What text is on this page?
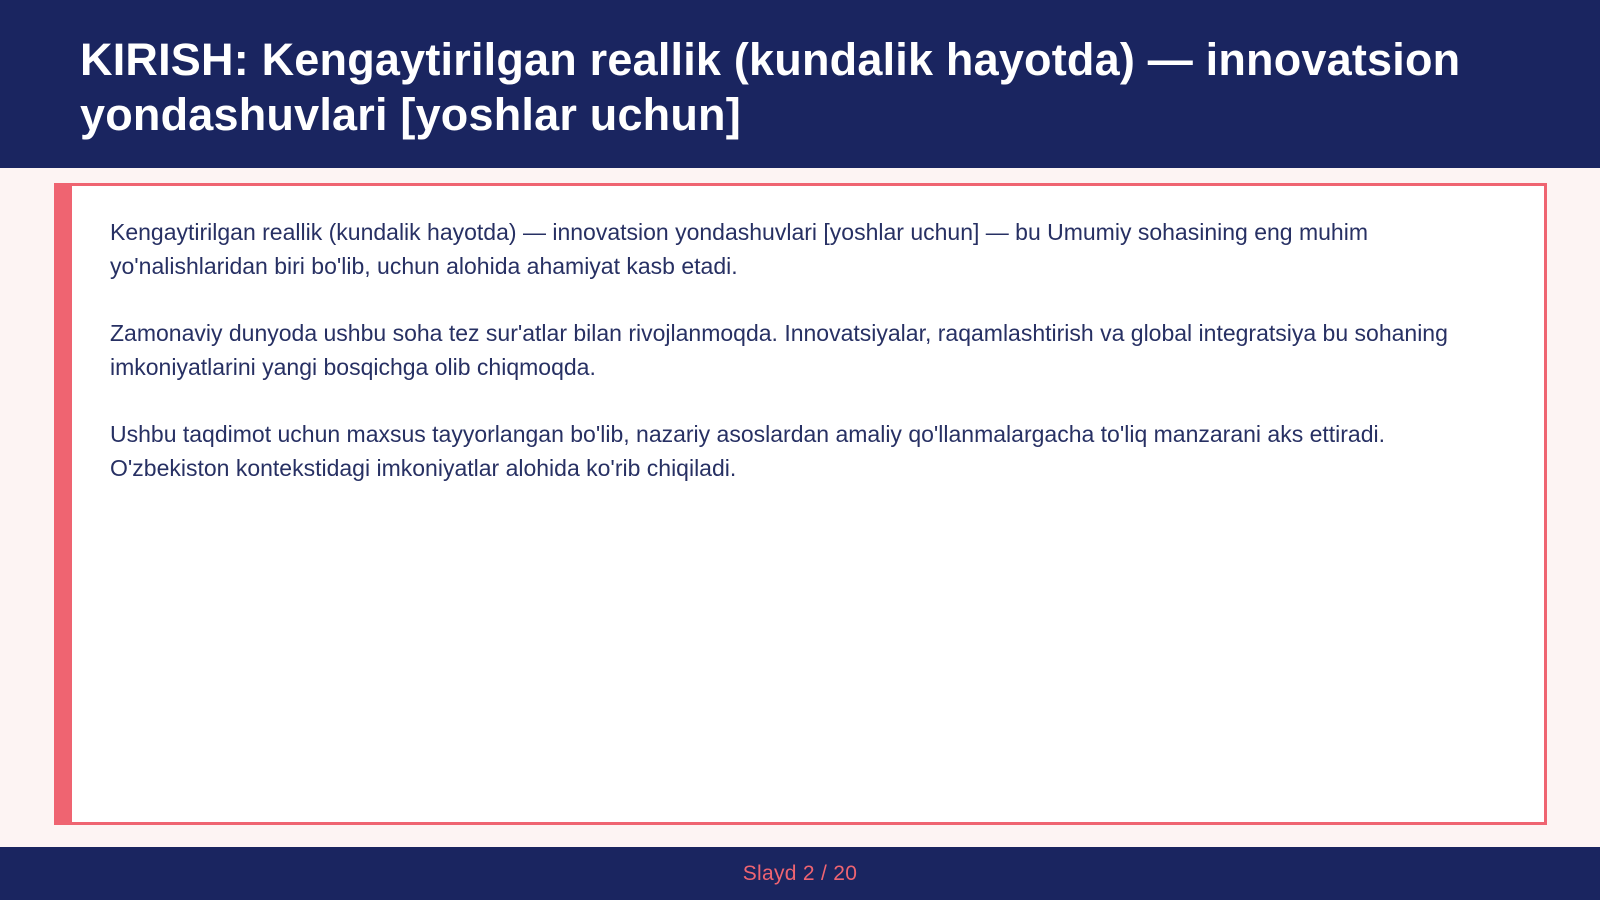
KIRISH: Kengaytirilgan reallik (kundalik hayotda) — innovatsion yondashuvlari [yoshlar uchun]

Kengaytirilgan reallik (kundalik hayotda) — innovatsion yondashuvlari [yoshlar uchun] — bu Umumiy sohasining eng muhim yo'nalishlaridan biri bo'lib, uchun alohida ahamiyat kasb etadi.

Zamonaviy dunyoda ushbu soha tez sur'atlar bilan rivojlanmoqda. Innovatsiyalar, raqamlashtirish va global integratsiya bu sohaning imkoniyatlarini yangi bosqichga olib chiqmoqda.

Ushbu taqdimot uchun maxsus tayyorlangan bo'lib, nazariy asoslardan amaliy qo'llanmalargacha to'liq manzarani aks ettiradi. O'zbekiston kontekstidagi imkoniyatlar alohida ko'rib chiqiladi.

Slayd 2 / 20
